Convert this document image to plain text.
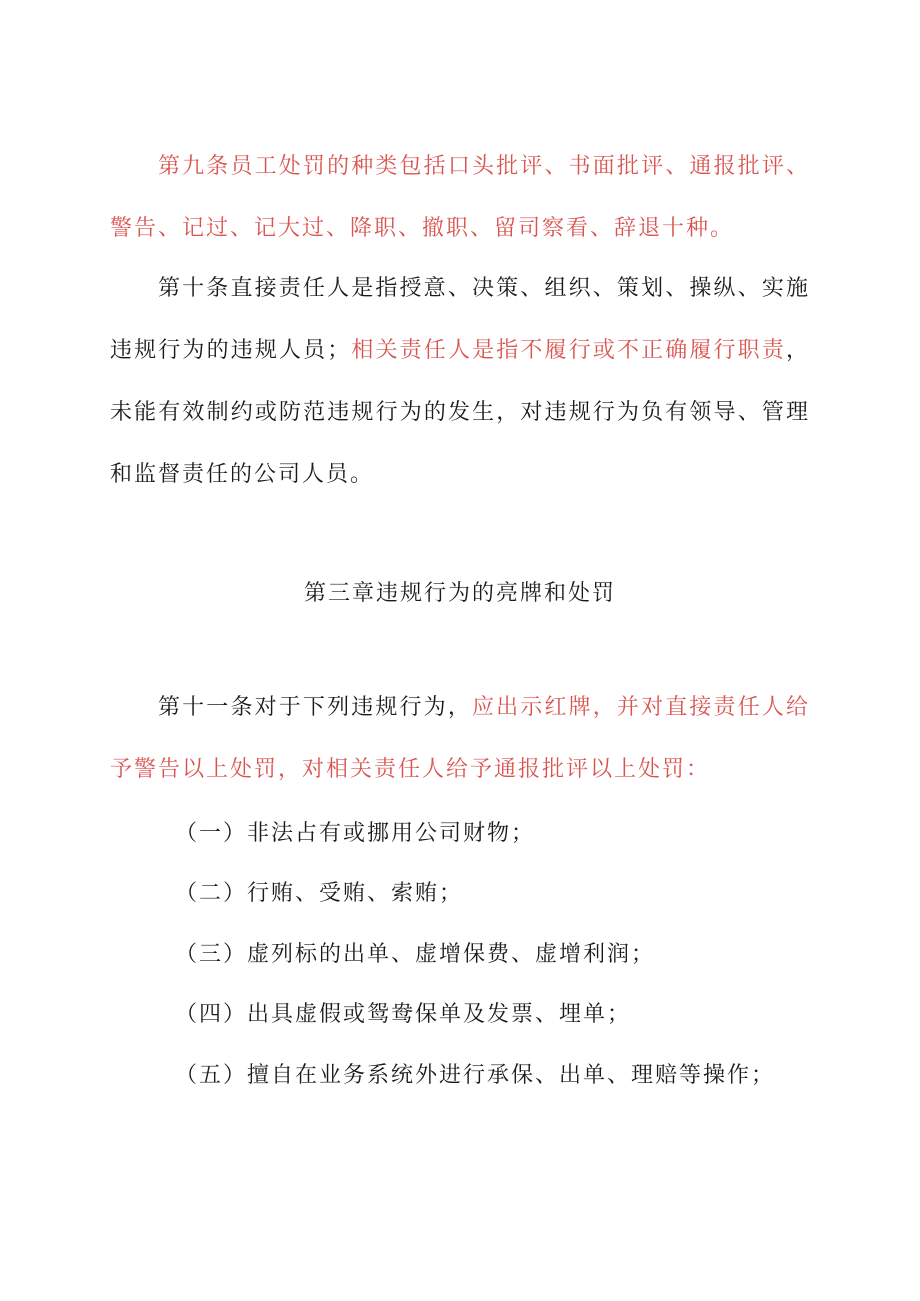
第九条员工处罚的种类包括口头批评、书面批评、通报批评、警告、记过、记大过、降职、撤职、留司察看、辞退十种。

第十条直接责任人是指授意、决策、组织、策划、操纵、实施违规行为的违规人员；相关责任人是指不履行或不正确履行职责，未能有效制约或防范违规行为的发生，对违规行为负有领导、管理和监督责任的公司人员。

第三章违规行为的亮牌和处罚

第十一条对于下列违规行为，应出示红牌，并对直接责任人给予警告以上处罚，对相关责任人给予通报批评以上处罚：

（一）非法占有或挪用公司财物；

（二）行贿、受贿、索贿；

（三）虚列标的出单、虚增保费、虚增利润；

（四）出具虚假或鸳鸯保单及发票、埋单；

（五）擅自在业务系统外进行承保、出单、理赔等操作；
